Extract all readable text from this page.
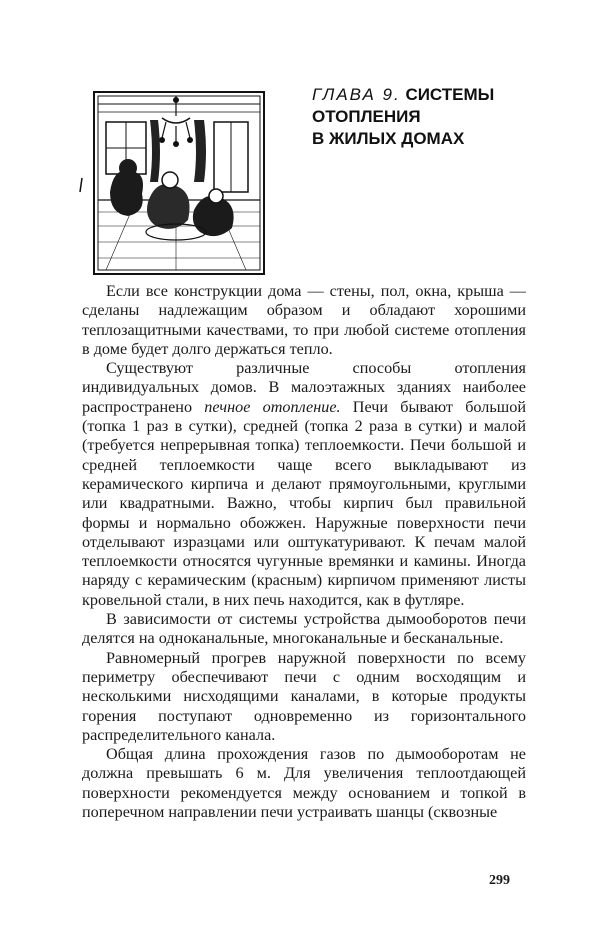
ГЛАВА 9. СИСТЕМЫ
ОТОПЛЕНИЯ
В ЖИЛЫХ ДОМАХ

Если все конструкции дома — стены, пол, окна, крыша — сделаны надлежащим образом и обладают хорошими теплозащитными качествами, то при любой системе отопления в доме будет долго держаться тепло.

Существуют различные способы отопления индивидуальных домов. В малоэтажных зданиях наиболее распространено печное отопление. Печи бывают большой (топка 1 раз в сутки), средней (топка 2 раза в сутки) и малой (требуется непрерывная топка) теплоемкости. Печи большой и средней теплоемкости чаще всего выкладывают из керамического кирпича и делают прямоугольными, круглыми или квадратными. Важно, чтобы кирпич был правильной формы и нормально обожжен. Наружные поверхности печи отделывают изразцами или оштукатуривают. К печам малой теплоемкости относятся чугунные времянки и камины. Иногда наряду с керамическим (красным) кирпичом применяют листы кровельной стали, в них печь находится, как в футляре.

В зависимости от системы устройства дымооборотов печи делятся на одноканальные, многоканальные и бесканальные.

Равномерный прогрев наружной поверхности по всему периметру обеспечивают печи с одним восходящим и несколькими нисходящими каналами, в которые продукты горения поступают одновременно из горизонтального распределительного канала.

Общая длина прохождения газов по дымооборотам не должна превышать 6 м. Для увеличения теплоотдающей поверхности рекомендуется между основанием и топкой в поперечном направлении печи устраивать шанцы (сквозные

299
